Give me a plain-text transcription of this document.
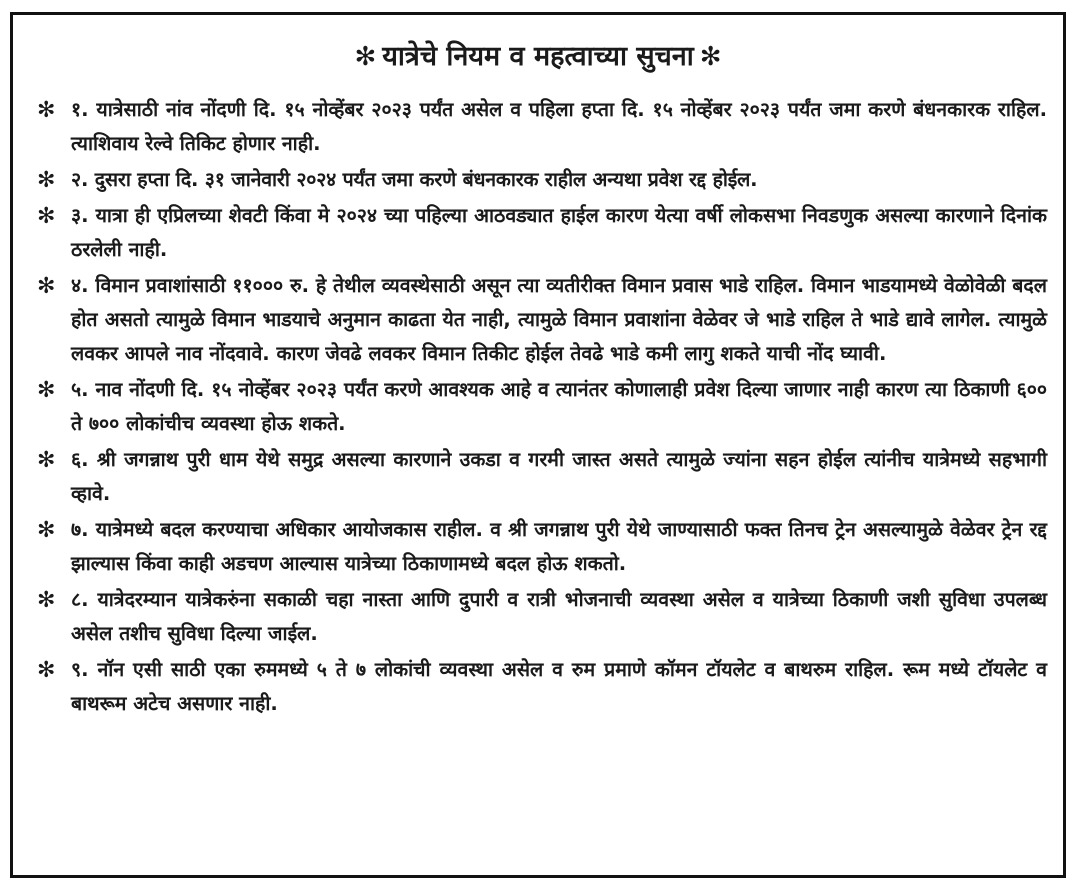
✻ यात्रेचे नियम व महत्वाच्या सुचना ✻
✻ १. यात्रेसाठी नांव नोंदणी दि. १५ नोव्हेंबर २०२३ पर्यंत असेल व पहिला हप्ता दि. १५ नोव्हेंबर २०२३ पर्यंत जमा करणे बंधनकारक राहिल. त्याशिवाय रेल्वे तिकिट होणार नाही.
✻ २. दुसरा हप्ता दि. ३१ जानेवारी २०२४ पर्यंत जमा करणे बंधनकारक राहील अन्यथा प्रवेश रद्द होईल.
✻ ३. यात्रा ही एप्रिलच्या शेवटी किंवा मे २०२४ च्या पहिल्या आठवड्यात हाईल कारण येत्या वर्षी लोकसभा निवडणुक असल्या कारणाने दिनांक ठरलेली नाही.
✻ ४. विमान प्रवाशांसाठी ११००० रु. हे तेथील व्यवस्थेसाठी असून त्या व्यतीरीक्त विमान प्रवास भाडे राहिल. विमान भाडयामध्ये वेळोवेळी बदल होत असतो त्यामुळे विमान भाडयाचे अनुमान काढता येत नाही, त्यामुळे विमान प्रवाशांना वेळेवर जे भाडे राहिल ते भाडे द्यावे लागेल. त्यामुळे लवकर आपले नाव नोंदवावे. कारण जेवढे लवकर विमान तिकीट होईल तेवढे भाडे कमी लागु शकते याची नोंद घ्यावी.
✻ ५. नाव नोंदणी दि. १५ नोव्हेंबर २०२३ पर्यंत करणे आवश्यक आहे व त्यानंतर कोणालाही प्रवेश दिल्या जाणार नाही कारण त्या ठिकाणी ६०० ते ७०० लोकांचीच व्यवस्था होऊ शकते.
✻ ६. श्री जगन्नाथ पुरी धाम येथे समुद्र असल्या कारणाने उकडा व गरमी जास्त असते त्यामुळे ज्यांना सहन होईल त्यांनीच यात्रेमध्ये सहभागी व्हावे.
✻ ७. यात्रेमध्ये बदल करण्याचा अधिकार आयोजकास राहील. व श्री जगन्नाथ पुरी येथे जाण्यासाठी फक्त तिनच ट्रेन असल्यामुळे वेळेवर ट्रेन रद्द झाल्यास किंवा काही अडचण आल्यास यात्रेच्या ठिकाणामध्ये बदल होऊ शकतो.
✻ ८. यात्रेदरम्यान यात्रेकरुंना सकाळी चहा नास्ता आणि दुपारी व रात्री भोजनाची व्यवस्था असेल व यात्रेच्या ठिकाणी जशी सुविधा उपलब्ध असेल तशीच सुविधा दिल्या जाईल.
✻ ९. नॉन एसी साठी एका रुममध्ये ५ ते ७ लोकांची व्यवस्था असेल व रुम प्रमाणे कॉमन टॉयलेट व बाथरुम राहिल. रूम मध्ये टॉयलेट व बाथरूम अटेच असणार नाही.
